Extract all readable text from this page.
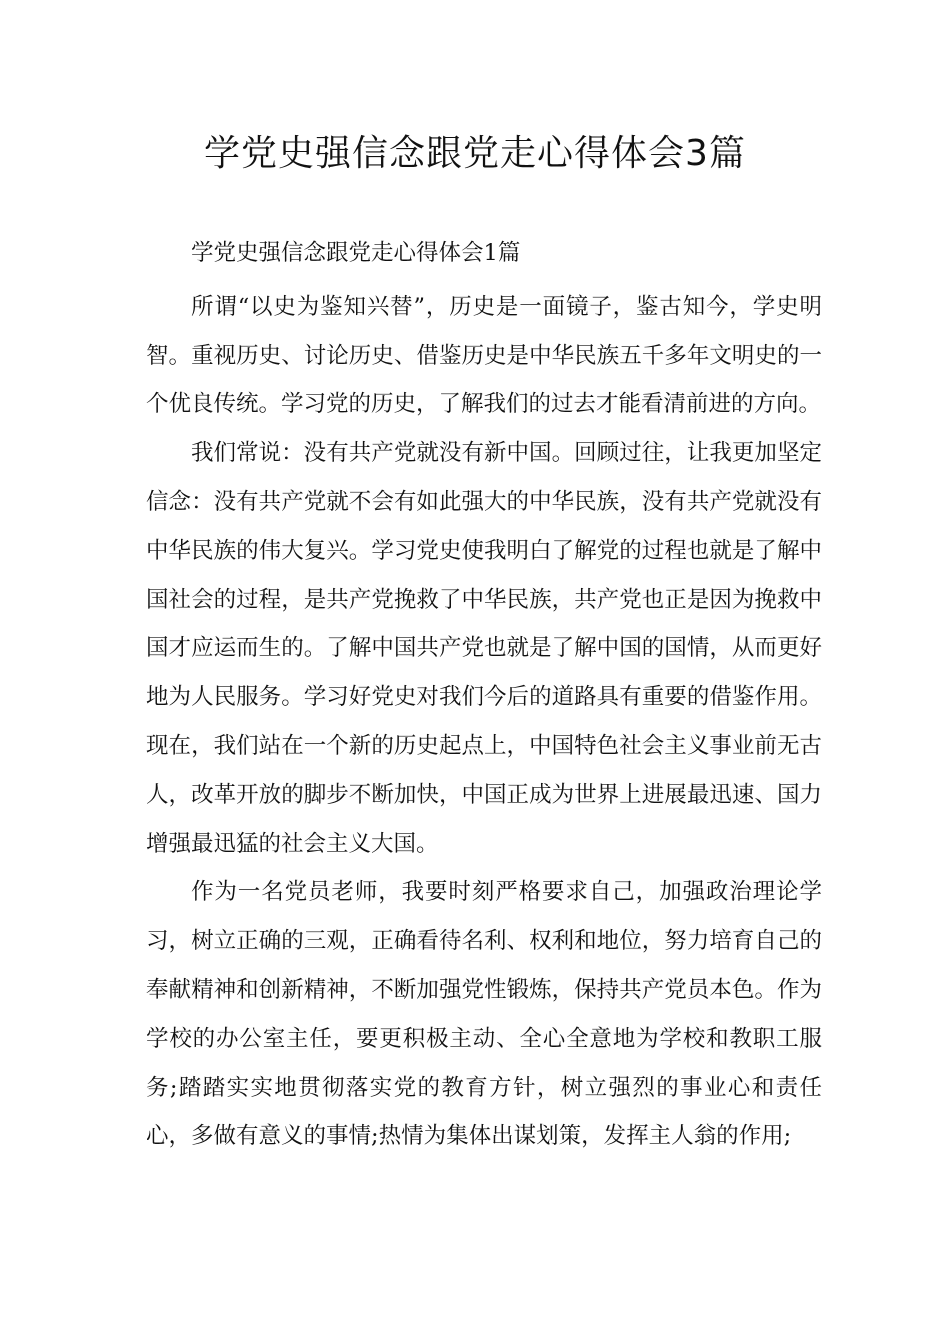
学党史强信念跟党走心得体会3篇
学党史强信念跟党走心得体会1篇

所谓“以史为鉴知兴替”，历史是一面镜子，鉴古知今，学史明智。重视历史、讨论历史、借鉴历史是中华民族五千多年文明史的一个优良传统。学习党的历史，了解我们的过去才能看清前进的方向。

我们常说：没有共产党就没有新中国。回顾过往，让我更加坚定信念：没有共产党就不会有如此强大的中华民族，没有共产党就没有中华民族的伟大复兴。学习党史使我明白了解党的过程也就是了解中国社会的过程，是共产党挽救了中华民族，共产党也正是因为挽救中国才应运而生的。了解中国共产党也就是了解中国的国情，从而更好地为人民服务。学习好党史对我们今后的道路具有重要的借鉴作用。现在，我们站在一个新的历史起点上，中国特色社会主义事业前无古人，改革开放的脚步不断加快，中国正成为世界上进展最迅速、国力增强最迅猛的社会主义大国。

作为一名党员老师，我要时刻严格要求自己，加强政治理论学习，树立正确的三观，正确看待名利、权利和地位，努力培育自己的奉献精神和创新精神，不断加强党性锻炼，保持共产党员本色。作为学校的办公室主任，要更积极主动、全心全意地为学校和教职工服务;踏踏实实地贯彻落实党的教育方针，树立强烈的事业心和责任心，多做有意义的事情;热情为集体出谋划策，发挥主人翁的作用;
